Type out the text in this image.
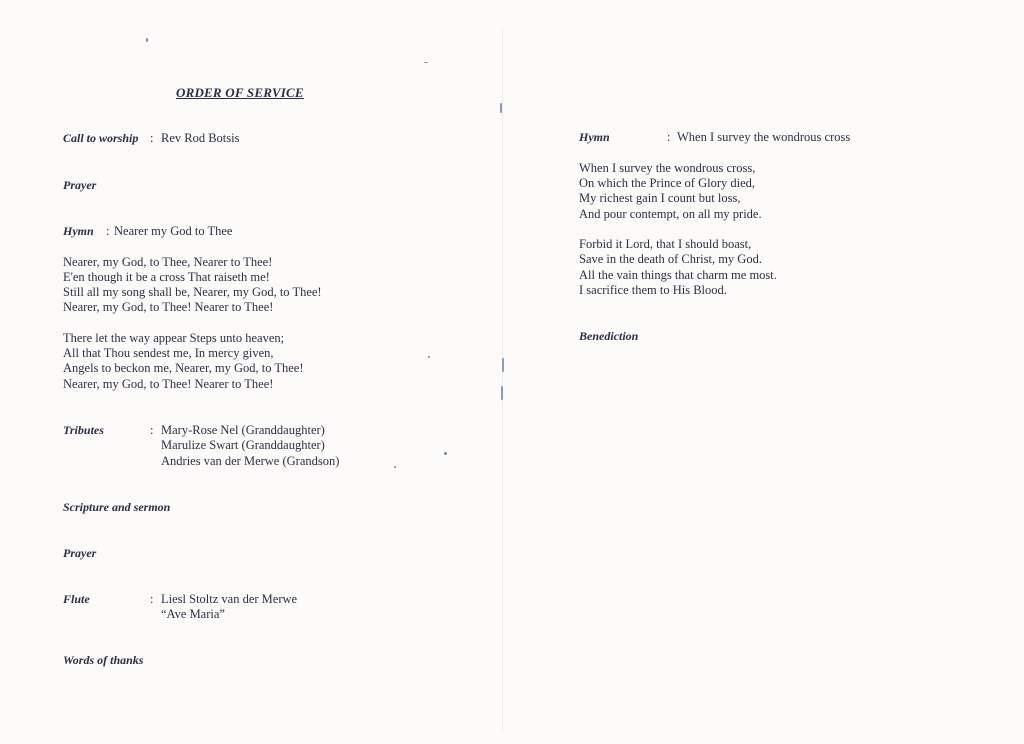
ORDER OF SERVICE
Call to worship : Rev Rod Botsis
Prayer
Hymn : Nearer my God to Thee
Nearer, my God, to Thee, Nearer to Thee!
E'en though it be a cross That raiseth me!
Still all my song shall be, Nearer, my God, to Thee!
Nearer, my God, to Thee! Nearer to Thee!
There let the way appear Steps unto heaven;
All that Thou sendest me, In mercy given,
Angels to beckon me, Nearer, my God, to Thee!
Nearer, my God, to Thee! Nearer to Thee!
Tributes	: Mary-Rose Nel (Granddaughter)
Marulize Swart (Granddaughter)
Andries van der Merwe (Grandson)
Scripture and sermon
Prayer
Flute	: Liesl Stoltz van der Merwe
“Ave Maria”
Words of thanks
Hymn	: When I survey the wondrous cross
When I survey the wondrous cross,
On which the Prince of Glory died,
My richest gain I count but loss,
And pour contempt, on all my pride.
Forbid it Lord, that I should boast,
Save in the death of Christ, my God.
All the vain things that charm me most.
I sacrifice them to His Blood.
Benediction
